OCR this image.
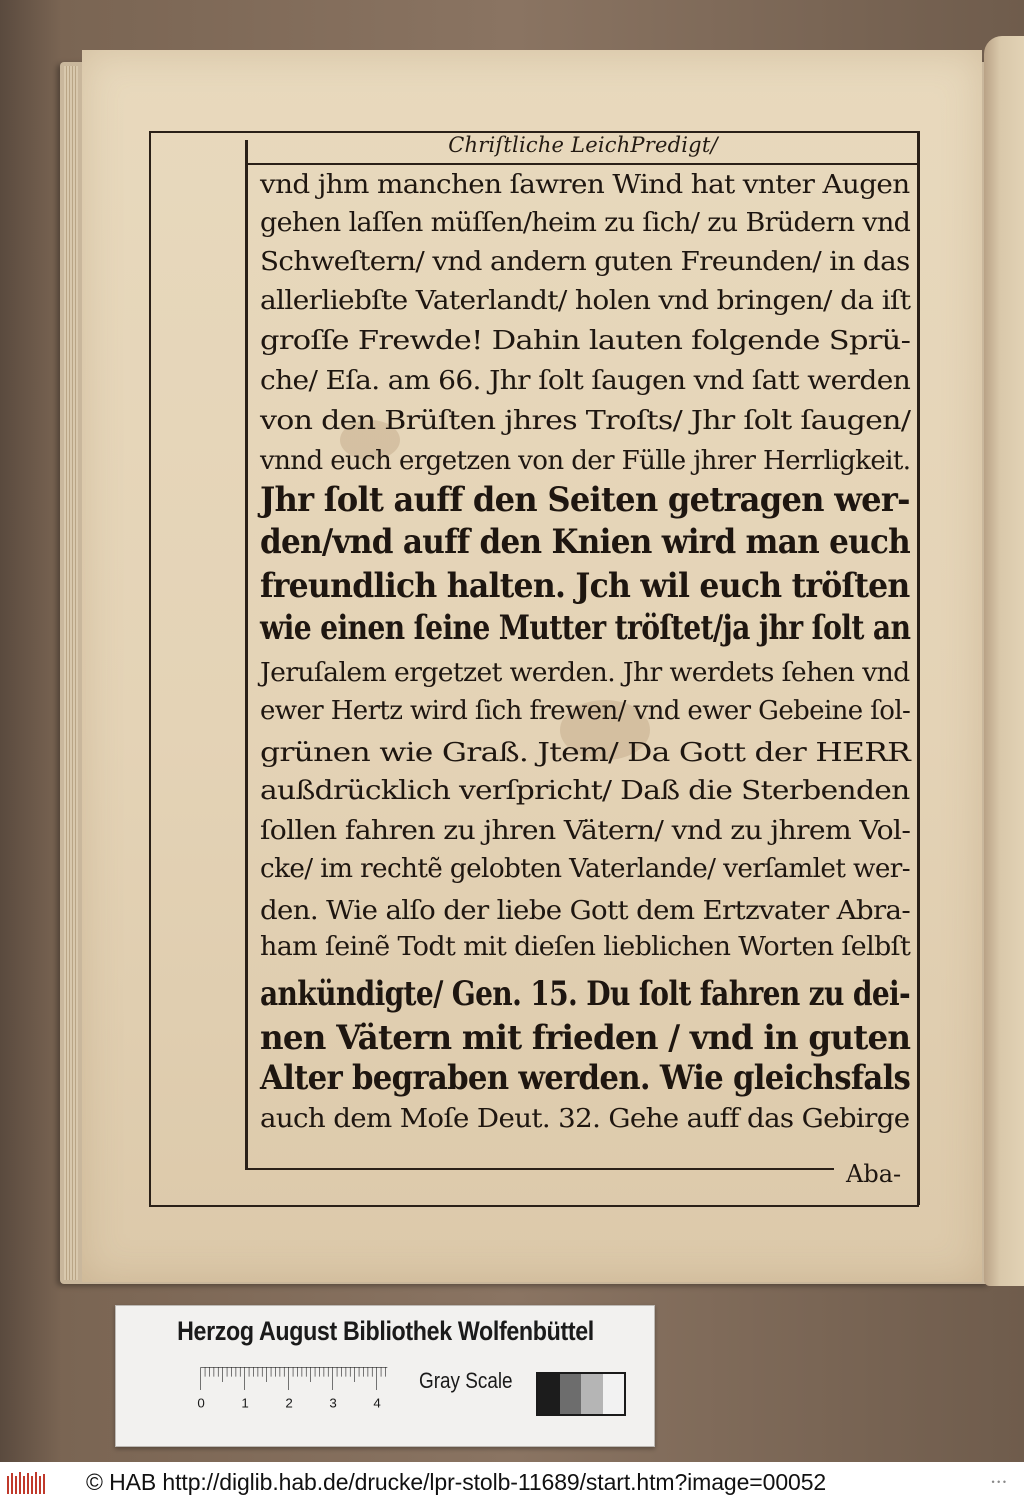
Chriſtliche LeichPredigt/
vnd jhm manchen ſawren Wind hat vnter Augen
gehen laſſen müſſen/heim zu ſich/ zu Brüdern vnd
Schweſtern/ vnd andern guten Freunden/ in das
allerliebſte Vaterlandt/ holen vnd bringen/ da iſt
groſſe Frewde! Dahin lauten folgende Sprü-
che/ Eſa. am 66. Jhr ſolt ſaugen vnd ſatt werden
von den Brüſten jhres Troſts/ Jhr ſolt ſaugen/
vnnd euch ergetzen von der Fülle jhrer Herrligkeit.
Jhr ſolt auff den Seiten getragen wer-
den/vnd auff den Knien wird man euch
freundlich halten. Jch wil euch tröſten
wie einen ſeine Mutter tröſtet/ja jhr ſolt an
Jeruſalem ergetzet werden. Jhr werdets ſehen vnd
ewer Hertz wird ſich frewen/ vnd ewer Gebeine ſol-
grünen wie Graß. Jtem/ Da Gott der HERR
außdrücklich verſpricht/ Daß die Sterbenden
ſollen fahren zu jhren Vätern/ vnd zu jhrem Vol-
cke/ im rechtẽ gelobten Vaterlande/ verſamlet wer-
den. Wie alſo der liebe Gott dem Ertzvater Abra-
ham ſeinẽ Todt mit dieſen lieblichen Worten ſelbſt
ankündigte/ Gen. 15. Du ſolt fahren zu dei-
nen Vätern mit frieden / vnd in guten
Alter begraben werden. Wie gleichsfals
auch dem Moſe Deut. 32. Gehe auff das Gebirge
Aba-
Herzog August Bibliothek Wolfenbüttel
0 1 2 3 4
Gray Scale
© HAB http://diglib.hab.de/drucke/lpr-stolb-11689/start.htm?image=00052	• • •
